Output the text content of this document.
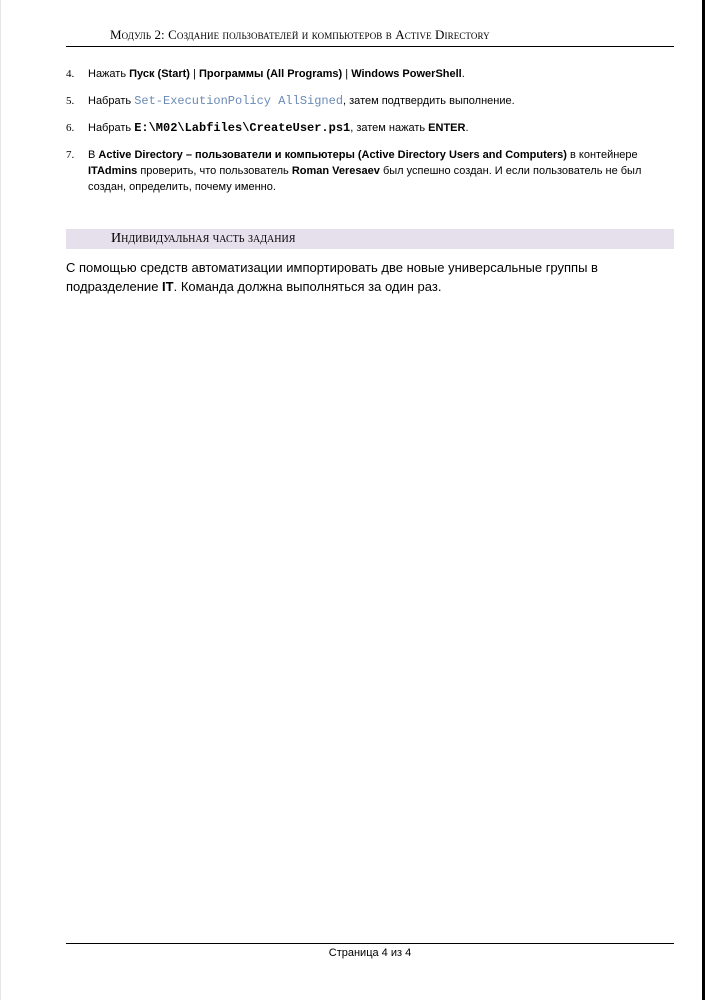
Модуль 2: Создание пользователей и компьютеров в Active Directory
4. Нажать Пуск (Start) | Программы (All Programs) | Windows PowerShell.
5. Набрать Set-ExecutionPolicy AllSigned, затем подтвердить выполнение.
6. Набрать E:\M02\Labfiles\CreateUser.ps1, затем нажать ENTER.
7. В Active Directory – пользователи и компьютеры (Active Directory Users and Computers) в контейнере ITAdmins проверить, что пользователь Roman Veresaev был успешно создан. И если пользователь не был создан, определить, почему именно.
Индивидуальная часть задания
С помощью средств автоматизации импортировать две новые универсальные группы в подразделение IT. Команда должна выполняться за один раз.
Страница 4 из 4
